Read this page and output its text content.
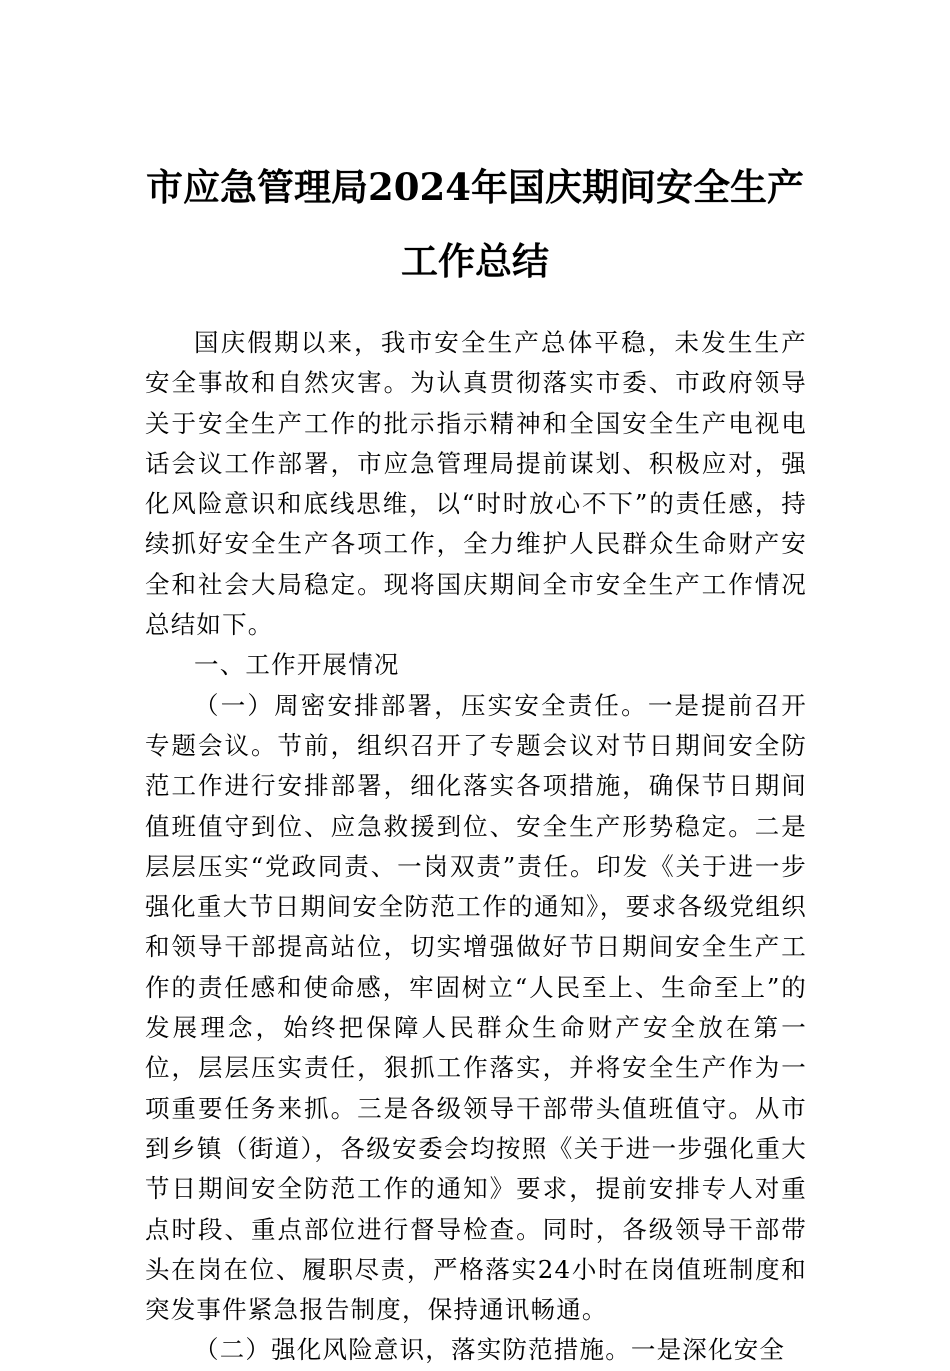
市应急管理局2024年国庆期间安全生产工作总结

国庆假期以来，我市安全生产总体平稳，未发生生产安全事故和自然灾害。为认真贯彻落实市委、市政府领导关于安全生产工作的批示指示精神和全国安全生产电视电话会议工作部署，市应急管理局提前谋划、积极应对，强化风险意识和底线思维，以“时时放心不下”的责任感，持续抓好安全生产各项工作，全力维护人民群众生命财产安全和社会大局稳定。现将国庆期间全市安全生产工作情况总结如下。

一、工作开展情况

（一）周密安排部署，压实安全责任。一是提前召开专题会议。节前，组织召开了专题会议对节日期间安全防范工作进行安排部署，细化落实各项措施，确保节日期间值班值守到位、应急救援到位、安全生产形势稳定。二是层层压实“党政同责、一岗双责”责任。印发《关于进一步强化重大节日期间安全防范工作的通知》，要求各级党组织和领导干部提高站位，切实增强做好节日期间安全生产工作的责任感和使命感，牢固树立“人民至上、生命至上”的发展理念，始终把保障人民群众生命财产安全放在第一位，层层压实责任，狠抓工作落实，并将安全生产作为一项重要任务来抓。三是各级领导干部带头值班值守。从市到乡镇（街道），各级安委会均按照《关于进一步强化重大节日期间安全防范工作的通知》要求，提前安排专人对重点时段、重点部位进行督导检查。同时，各级领导干部带头在岗在位、履职尽责，严格落实24小时在岗值班制度和突发事件紧急报告制度，保持通讯畅通。

（二）强化风险意识，落实防范措施。一是深化安全
